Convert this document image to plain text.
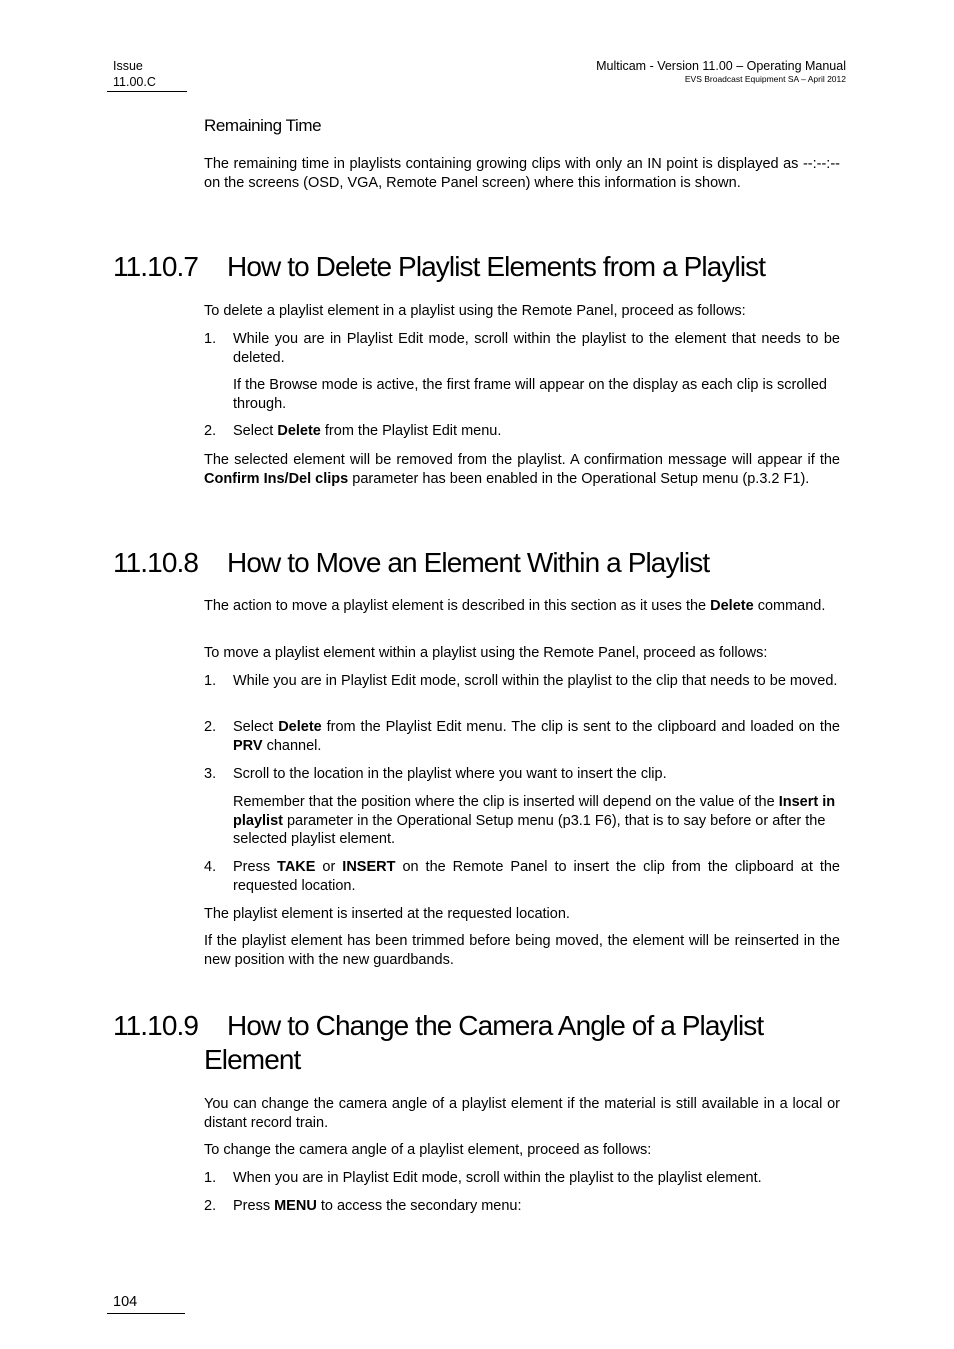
Issue
11.00.C
Multicam - Version 11.00 – Operating Manual
EVS Broadcast Equipment SA – April 2012
Remaining Time
The remaining time in playlists containing growing clips with only an IN point is displayed as --:--:-- on the screens (OSD, VGA, Remote Panel screen) where this information is shown.
11.10.7 How to Delete Playlist Elements from a Playlist
To delete a playlist element in a playlist using the Remote Panel, proceed as follows:
1. While you are in Playlist Edit mode, scroll within the playlist to the element that needs to be deleted.
If the Browse mode is active, the first frame will appear on the display as each clip is scrolled through.
2. Select Delete from the Playlist Edit menu.
The selected element will be removed from the playlist. A confirmation message will appear if the Confirm Ins/Del clips parameter has been enabled in the Operational Setup menu (p.3.2 F1).
11.10.8 How to Move an Element Within a Playlist
The action to move a playlist element is described in this section as it uses the Delete command.
To move a playlist element within a playlist using the Remote Panel, proceed as follows:
1. While you are in Playlist Edit mode, scroll within the playlist to the clip that needs to be moved.
2. Select Delete from the Playlist Edit menu. The clip is sent to the clipboard and loaded on the PRV channel.
3. Scroll to the location in the playlist where you want to insert the clip.
Remember that the position where the clip is inserted will depend on the value of the Insert in playlist parameter in the Operational Setup menu (p3.1 F6), that is to say before or after the selected playlist element.
4. Press TAKE or INSERT on the Remote Panel to insert the clip from the clipboard at the requested location.
The playlist element is inserted at the requested location.
If the playlist element has been trimmed before being moved, the element will be reinserted in the new position with the new guardbands.
11.10.9 How to Change the Camera Angle of a Playlist
Element
You can change the camera angle of a playlist element if the material is still available in a local or distant record train.
To change the camera angle of a playlist element, proceed as follows:
1. When you are in Playlist Edit mode, scroll within the playlist to the playlist element.
2. Press MENU to access the secondary menu:
104
